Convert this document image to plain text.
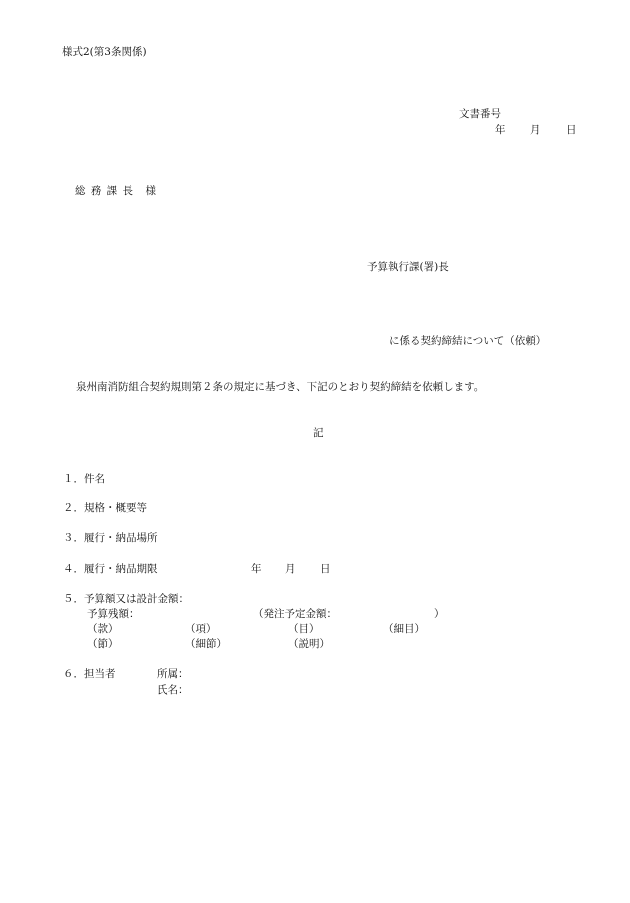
様式2(第3条関係)
文書番号
年 月 日
総 務 課 長　様
予算執行課(署)長
に係る契約締結について（依頼）
泉州南消防組合契約規則第２条の規定に基づき、下記のとおり契約締結を依頼します。
記
１．件名
２．規格・概要等
３．履行・納品場所
４．履行・納品期限	年 月 日
５．予算額又は設計金額：
予算残額：	（発注予定金額：	）
（款）	（項）	（目）	（細目）
（節）	（細節）	（説明）
６．担当者	所属：
氏名：
